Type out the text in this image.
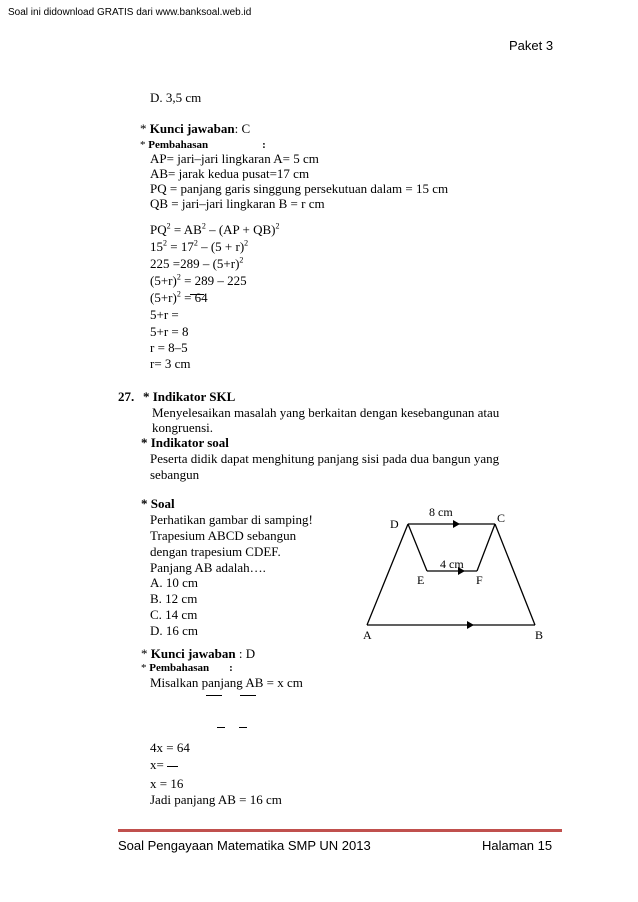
Soal ini didownload GRATIS dari www.banksoal.web.id
Paket 3
D. 3,5 cm
* Kunci jawaban: C
* Pembahasan	:
AP= jari–jari lingkaran A= 5 cm
AB= jarak kedua pusat=17 cm
PQ = panjang garis singgung persekutuan dalam = 15 cm
QB = jari–jari lingkaran B = r cm
$PQ^2 = AB^2 - (AP + QB)^2$
$15^2 = 17^2 - (5 + r)^2$
$225 =289 - (5+r)^2$
$(5+r)^2 = 289 - 225$
$(5+r)^2 = 64$
5+r =
5+r = 8
r = 8–5
r= 3 cm
27. * Indikator SKL
Menyelesaikan masalah yang berkaitan dengan kesebangunan atau
kongruensi.
* Indikator soal
Peserta didik dapat menghitung panjang sisi pada dua bangun yang
sebangun
* Soal
Perhatikan gambar di samping!
Trapesium ABCD sebangun
dengan trapesium CDEF.
Panjang AB adalah….
A. 10 cm
B. 12 cm
C. 14 cm
D. 16 cm	A	B
C
D
E	F
8 cm
4 cm
* Kunci jawaban : D
* Pembahasan :
Misalkan panjang AB = x cm
4x = 64
x=
x = 16
Jadi panjang AB = 16 cm
Soal Pengayaan Matematika SMP UN 2013	Halaman 15
